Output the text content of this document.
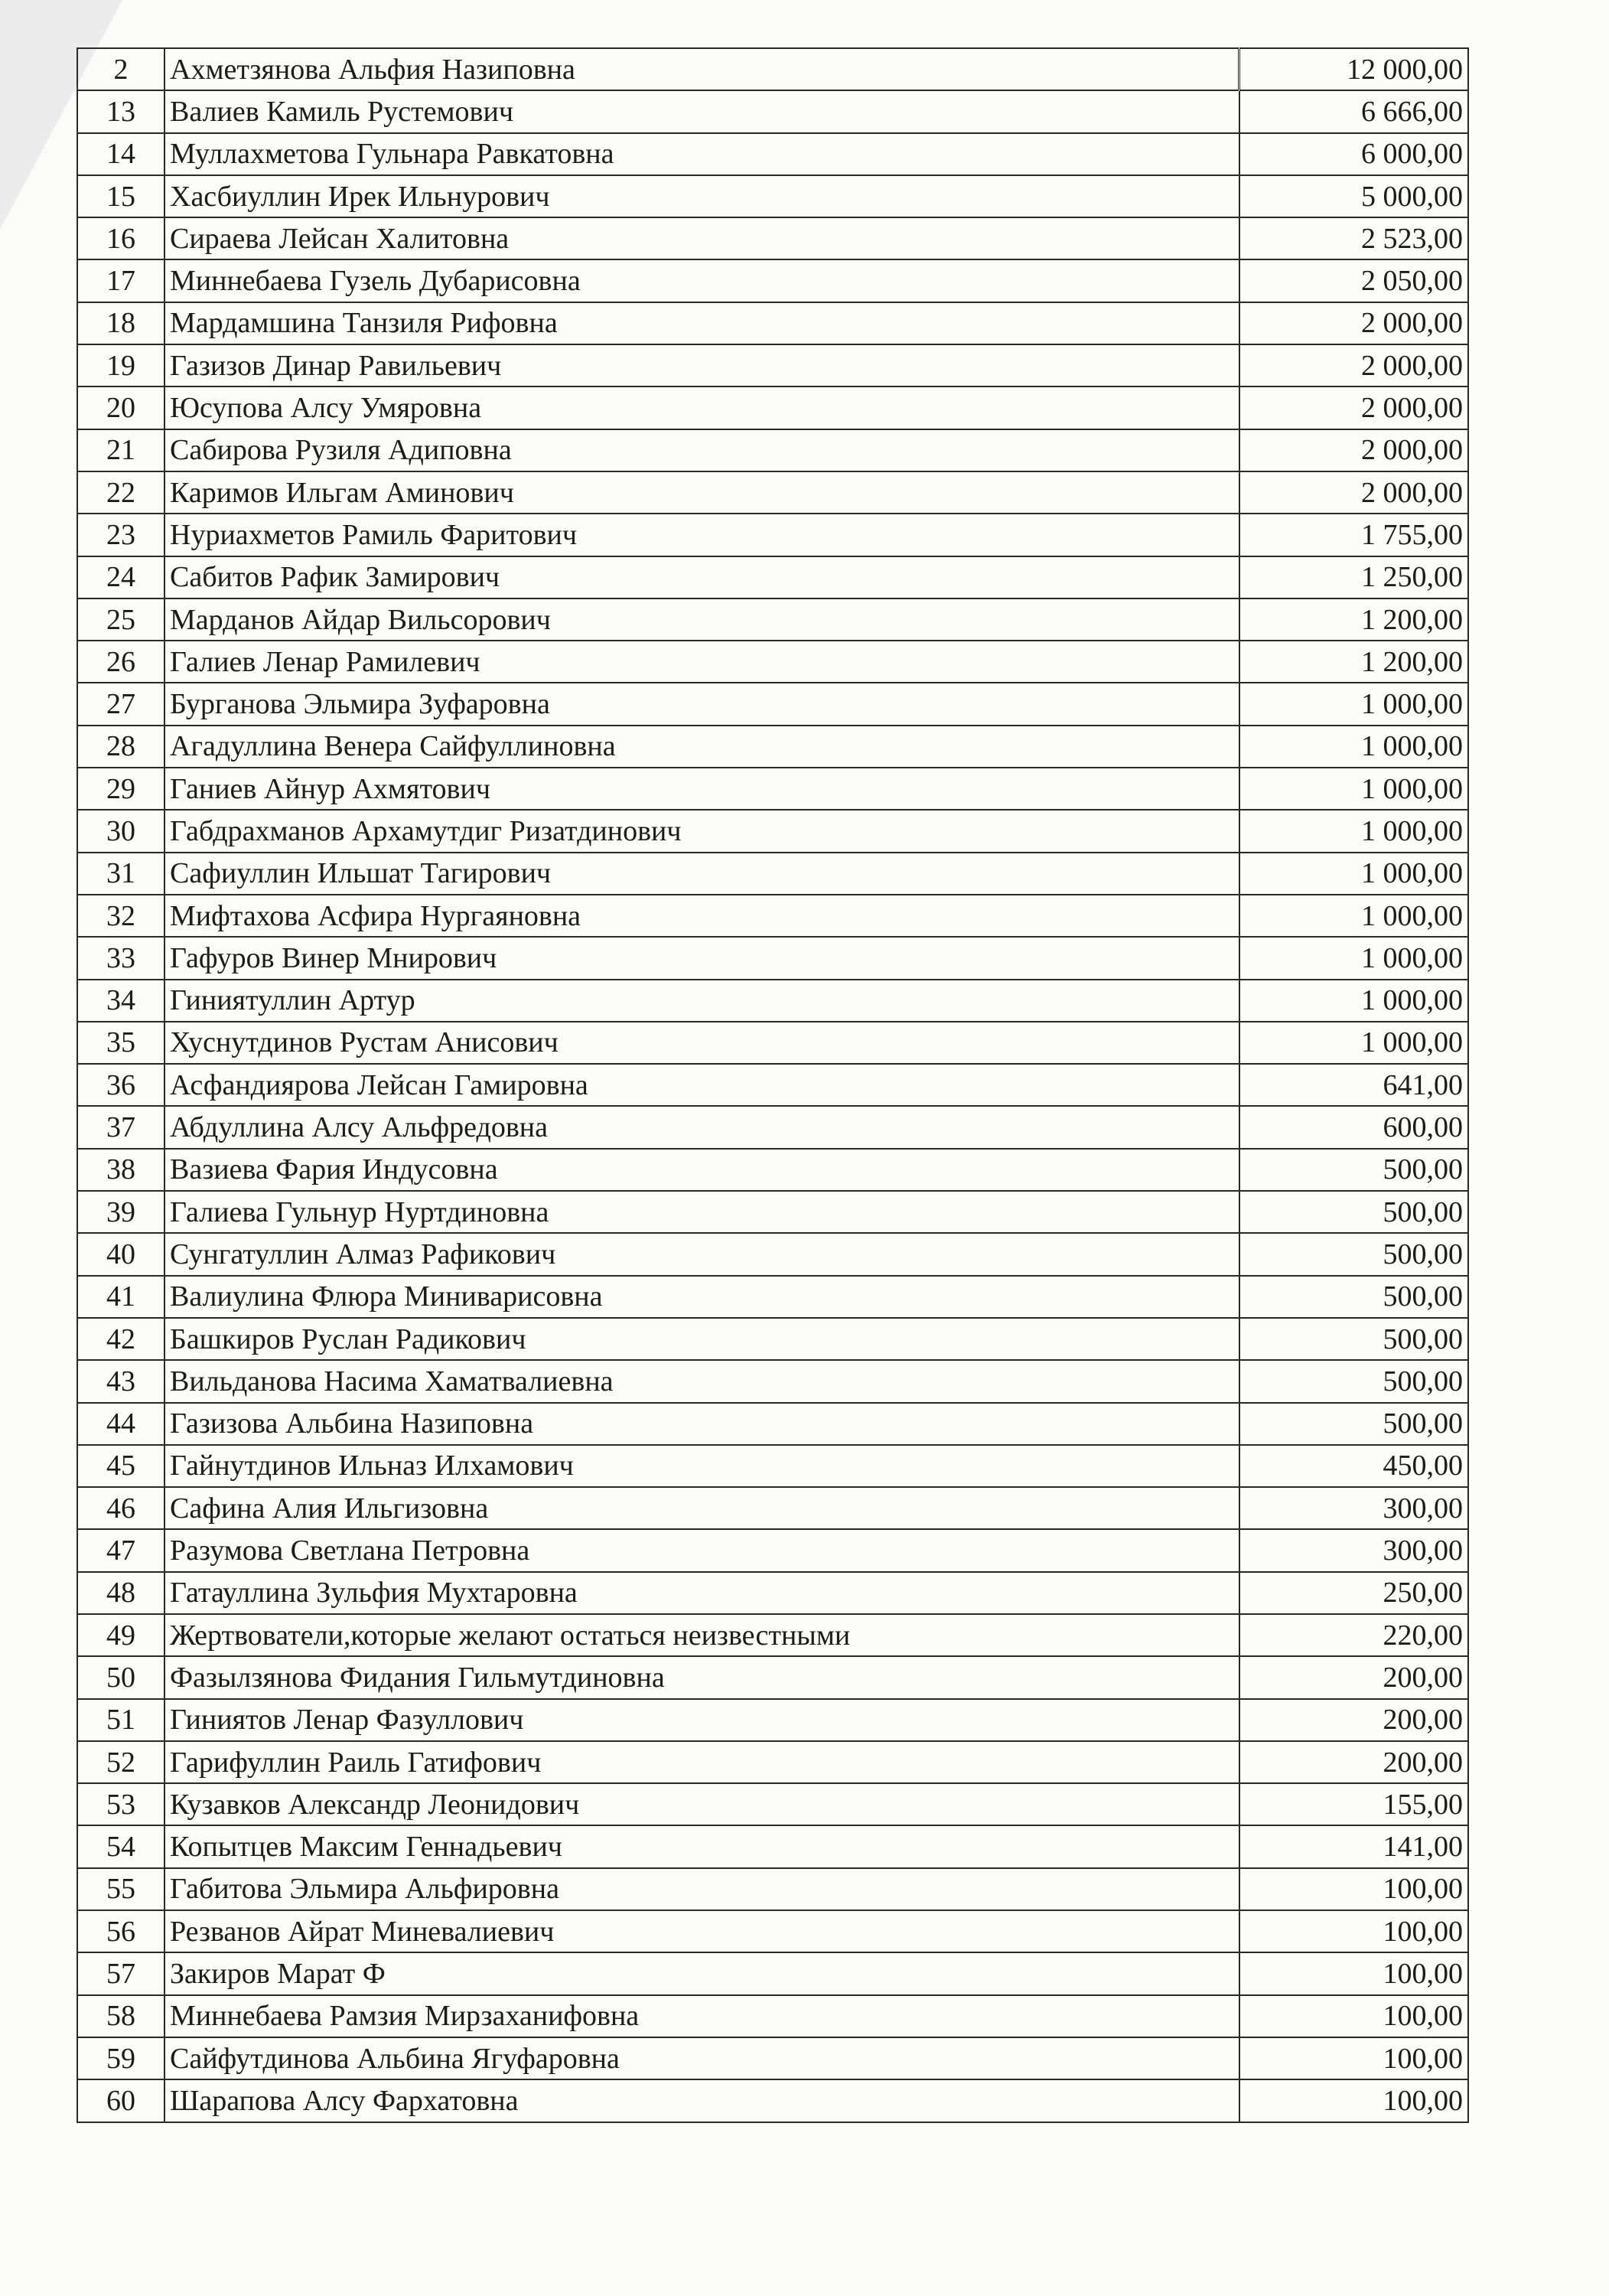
2	Ахметзянова Альфия Назиповна	12 000,00
13	Валиев Камиль Рустемович	6 666,00
14	Муллахметова Гульнара Равкатовна	6 000,00
15	Хасбиуллин Ирек Ильнурович	5 000,00
16	Сираева Лейсан Халитовна	2 523,00
17	Миннебаева Гузель Дубарисовна	2 050,00
18	Мардамшина Танзиля Рифовна	2 000,00
19	Газизов Динар Равильевич	2 000,00
20	Юсупова Алсу Умяровна	2 000,00
21	Сабирова Рузиля Адиповна	2 000,00
22	Каримов Ильгам Аминович	2 000,00
23	Нуриахметов Рамиль Фаритович	1 755,00
24	Сабитов Рафик Замирович	1 250,00
25	Марданов Айдар Вильсорович	1 200,00
26	Галиев Ленар Рамилевич	1 200,00
27	Бурганова Эльмира Зуфаровна	1 000,00
28	Агадуллина Венера Сайфуллиновна	1 000,00
29	Ганиев Айнур Ахмятович	1 000,00
30	Габдрахманов Архамутдиг Ризатдинович	1 000,00
31	Сафиуллин Ильшат Тагирович	1 000,00
32	Мифтахова Асфира Нургаяновна	1 000,00
33	Гафуров Винер Мнирович	1 000,00
34	Гиниятуллин Артур	1 000,00
35	Хуснутдинов Рустам Анисович	1 000,00
36	Асфандиярова Лейсан Гамировна	641,00
37	Абдуллина Алсу Альфредовна	600,00
38	Вазиева Фария Индусовна	500,00
39	Галиева Гульнур Нуртдиновна	500,00
40	Сунгатуллин Алмаз Рафикович	500,00
41	Валиулина Флюра Миниварисовна	500,00
42	Башкиров Руслан Радикович	500,00
43	Вильданова Насима Хаматвалиевна	500,00
44	Газизова Альбина Назиповна	500,00
45	Гайнутдинов Ильназ Илхамович	450,00
46	Сафина Алия Ильгизовна	300,00
47	Разумова Светлана Петровна	300,00
48	Гатауллина Зульфия Мухтаровна	250,00
49	Жертвователи,которые желают остаться неизвестными	220,00
50	Фазылзянова Фидания Гильмутдиновна	200,00
51	Гиниятов Ленар Фазуллович	200,00
52	Гарифуллин Раиль Гатифович	200,00
53	Кузавков Александр Леонидович	155,00
54	Копытцев Максим Геннадьевич	141,00
55	Габитова Эльмира Альфировна	100,00
56	Резванов Айрат Миневалиевич	100,00
57	Закиров Марат Ф	100,00
58	Миннебаева Рамзия Мирзаханифовна	100,00
59	Сайфутдинова Альбина Ягуфаровна	100,00
60	Шарапова Алсу Фархатовна	100,00
